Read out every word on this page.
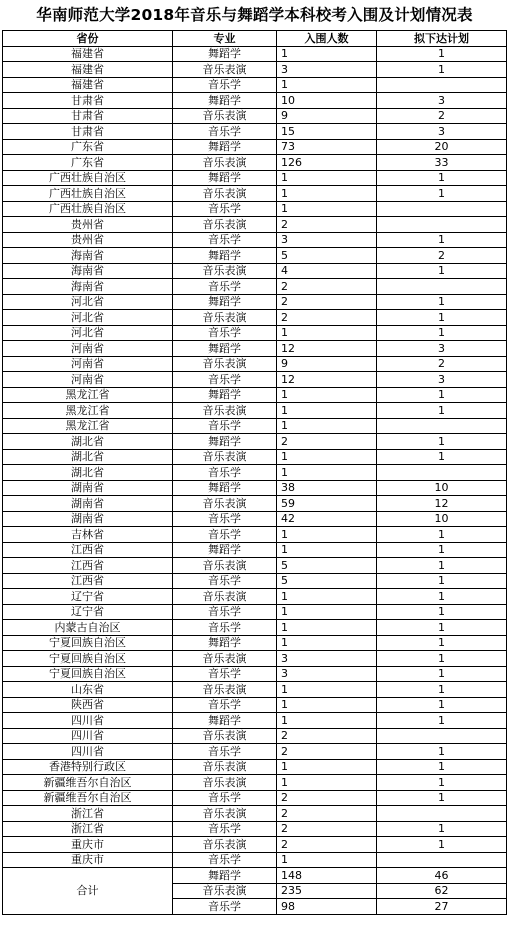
华南师范大学2018年音乐与舞蹈学本科校考入围及计划情况表
省份	专业	入围人数	拟下达计划
福建省	舞蹈学	1	1
福建省	音乐表演	3	1
福建省	音乐学	1	
甘肃省	舞蹈学	10	3
甘肃省	音乐表演	9	2
甘肃省	音乐学	15	3
广东省	舞蹈学	73	20
广东省	音乐表演	126	33
广西壮族自治区	舞蹈学	1	1
广西壮族自治区	音乐表演	1	1
广西壮族自治区	音乐学	1	
贵州省	音乐表演	2	
贵州省	音乐学	3	1
海南省	舞蹈学	5	2
海南省	音乐表演	4	1
海南省	音乐学	2	
河北省	舞蹈学	2	1
河北省	音乐表演	2	1
河北省	音乐学	1	1
河南省	舞蹈学	12	3
河南省	音乐表演	9	2
河南省	音乐学	12	3
黑龙江省	舞蹈学	1	1
黑龙江省	音乐表演	1	1
黑龙江省	音乐学	1	
湖北省	舞蹈学	2	1
湖北省	音乐表演	1	1
湖北省	音乐学	1	
湖南省	舞蹈学	38	10
湖南省	音乐表演	59	12
湖南省	音乐学	42	10
吉林省	音乐学	1	1
江西省	舞蹈学	1	1
江西省	音乐表演	5	1
江西省	音乐学	5	1
辽宁省	音乐表演	1	1
辽宁省	音乐学	1	1
内蒙古自治区	音乐学	1	1
宁夏回族自治区	舞蹈学	1	1
宁夏回族自治区	音乐表演	3	1
宁夏回族自治区	音乐学	3	1
山东省	音乐表演	1	1
陕西省	音乐学	1	1
四川省	舞蹈学	1	1
四川省	音乐表演	2	
四川省	音乐学	2	1
香港特别行政区	音乐表演	1	1
新疆维吾尔自治区	音乐表演	1	1
新疆维吾尔自治区	音乐学	2	1
浙江省	音乐表演	2	
浙江省	音乐学	2	1
重庆市	音乐表演	2	1
重庆市	音乐学	1	
合计	舞蹈学	148	46
	音乐表演	235	62
	音乐学	98	27
